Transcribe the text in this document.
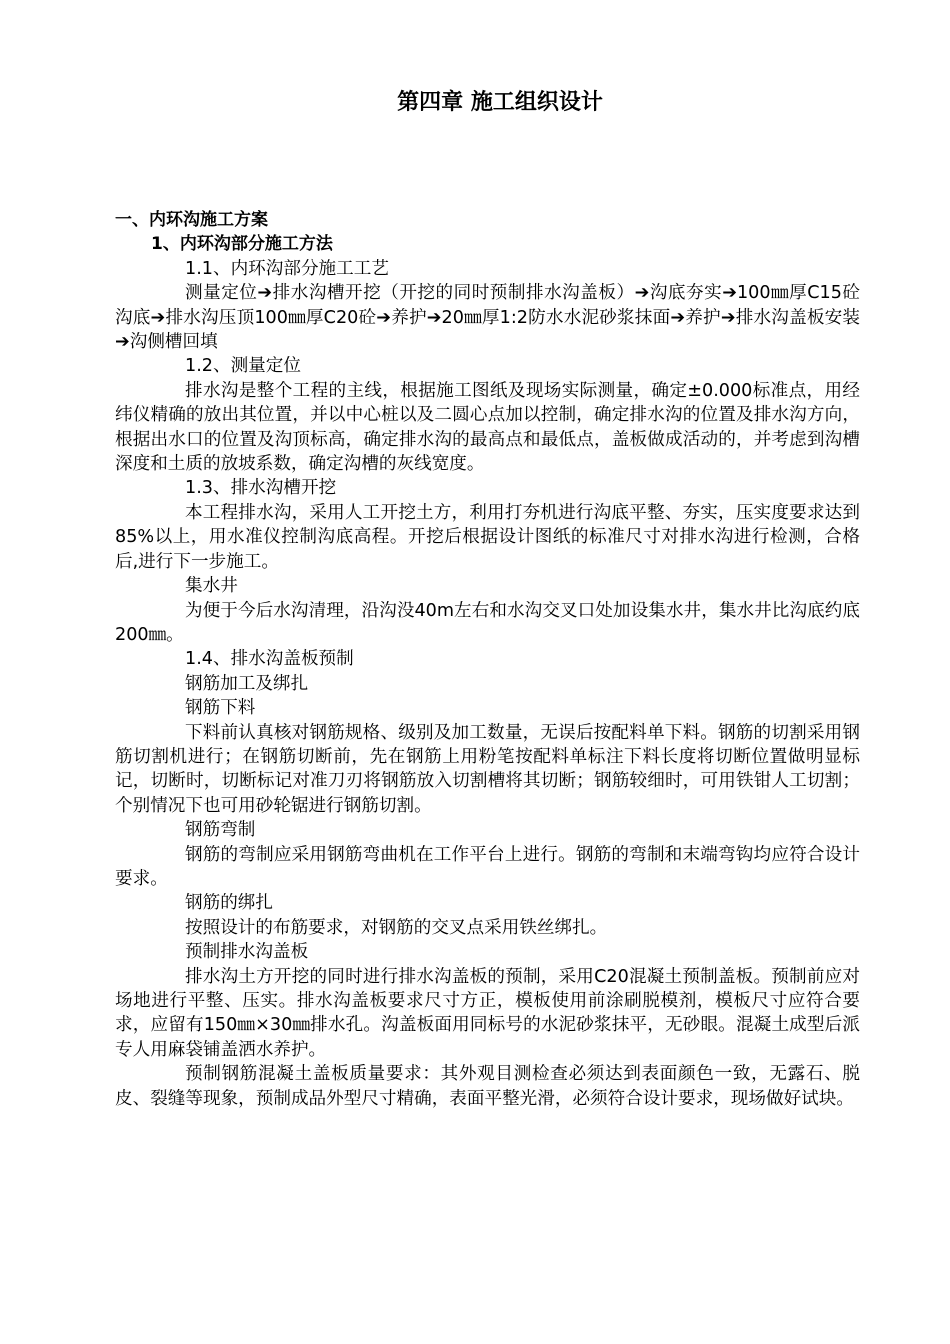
第四章 施工组织设计

一、内环沟施工方案

1、内环沟部分施工方法

1.1、内环沟部分施工工艺

测量定位➔排水沟槽开挖（开挖的同时预制排水沟盖板）➔沟底夯实➔100㎜厚C15砼沟底➔排水沟压顶100㎜厚C20砼➔养护➔20㎜厚1:2防水水泥砂浆抹面➔养护➔排水沟盖板安装➔沟侧槽回填

1.2、测量定位

排水沟是整个工程的主线，根据施工图纸及现场实际测量，确定±0.000标准点，用经纬仪精确的放出其位置，并以中心桩以及二圆心点加以控制，确定排水沟的位置及排水沟方向，根据出水口的位置及沟顶标高，确定排水沟的最高点和最低点，盖板做成活动的，并考虑到沟槽深度和土质的放坡系数，确定沟槽的灰线宽度。

1.3、排水沟槽开挖

本工程排水沟，采用人工开挖土方，利用打夯机进行沟底平整、夯实，压实度要求达到85%以上，用水准仪控制沟底高程。开挖后根据设计图纸的标准尺寸对排水沟进行检测，合格后,进行下一步施工。

集水井

为便于今后水沟清理，沿沟没40m左右和水沟交叉口处加设集水井，集水井比沟底约底200㎜。

1.4、排水沟盖板预制

钢筋加工及绑扎

钢筋下料

下料前认真核对钢筋规格、级别及加工数量，无误后按配料单下料。钢筋的切割采用钢筋切割机进行；在钢筋切断前，先在钢筋上用粉笔按配料单标注下料长度将切断位置做明显标记，切断时，切断标记对准刀刃将钢筋放入切割槽将其切断；钢筋较细时，可用铁钳人工切割；个别情况下也可用砂轮锯进行钢筋切割。

钢筋弯制

钢筋的弯制应采用钢筋弯曲机在工作平台上进行。钢筋的弯制和末端弯钩均应符合设计要求。

钢筋的绑扎

按照设计的布筋要求，对钢筋的交叉点采用铁丝绑扎。

预制排水沟盖板

排水沟土方开挖的同时进行排水沟盖板的预制，采用C20混凝土预制盖板。预制前应对场地进行平整、压实。排水沟盖板要求尺寸方正，模板使用前涂刷脱模剂，模板尺寸应符合要求，应留有150㎜×30㎜排水孔。沟盖板面用同标号的水泥砂浆抹平，无砂眼。混凝土成型后派专人用麻袋铺盖洒水养护。

预制钢筋混凝土盖板质量要求：其外观目测检查必须达到表面颜色一致，无露石、脱皮、裂缝等现象，预制成品外型尺寸精确，表面平整光滑，必须符合设计要求，现场做好试块。
